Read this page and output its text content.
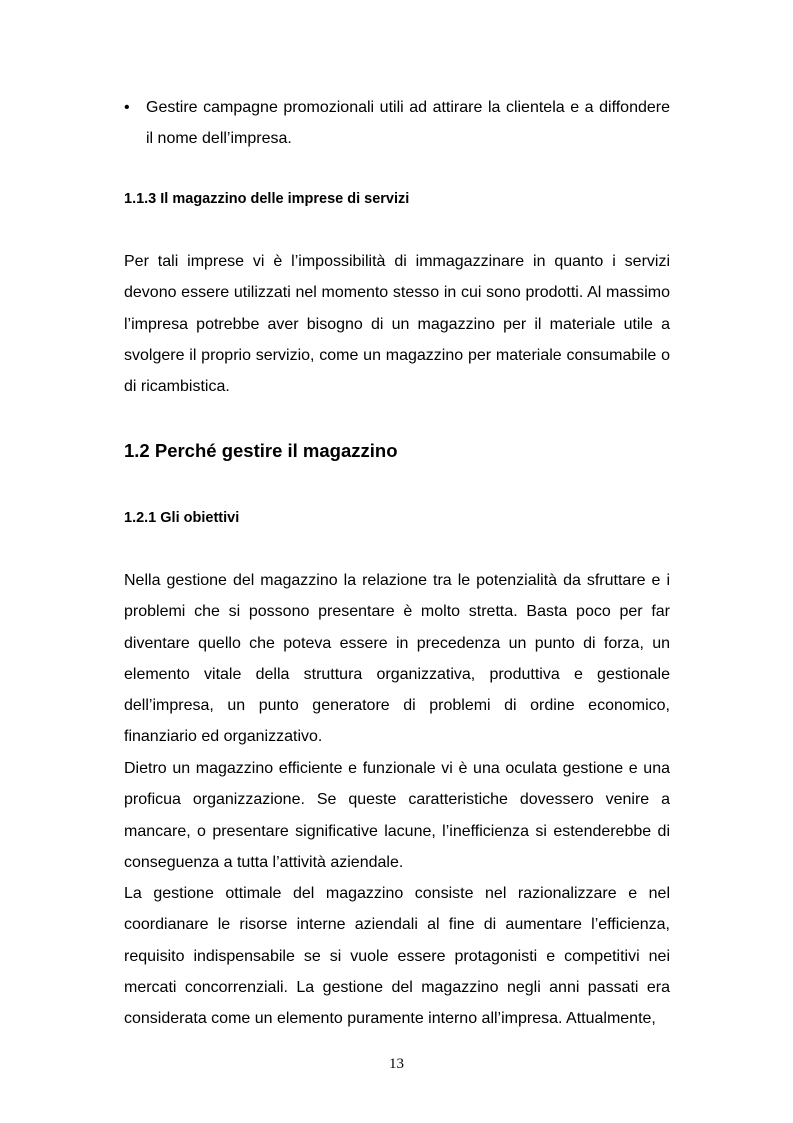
•	Gestire campagne promozionali utili ad attirare la clientela e a diffondere il nome dell’impresa.
1.1.3 Il magazzino delle imprese di servizi

Per tali imprese vi è l’impossibilità di immagazzinare in quanto i servizi devono essere utilizzati nel momento stesso in cui sono prodotti. Al massimo l’impresa potrebbe aver bisogno di un magazzino per il materiale utile a svolgere il proprio servizio, come un magazzino per materiale consumabile o di ricambistica.

1.2 Perché gestire il magazzino
1.2.1 Gli obiettivi

Nella gestione del magazzino la relazione tra le potenzialità da sfruttare e i problemi che si possono presentare è molto stretta. Basta poco per far diventare quello che poteva essere in precedenza un punto di forza, un elemento vitale della struttura organizzativa, produttiva e gestionale dell’impresa, un punto generatore di problemi di ordine economico, finanziario ed organizzativo.

Dietro un magazzino efficiente e funzionale vi è una oculata gestione e una proficua organizzazione. Se queste caratteristiche dovessero venire a mancare, o presentare significative lacune, l’inefficienza si estenderebbe di conseguenza a tutta l’attività aziendale.

La gestione ottimale del magazzino consiste nel razionalizzare e nel coordianare le risorse interne aziendali al fine di aumentare l’efficienza, requisito indispensabile se si vuole essere protagonisti e competitivi nei mercati concorrenziali. La gestione del magazzino negli anni passati era considerata come un elemento puramente interno all’impresa. Attualmente,

13
